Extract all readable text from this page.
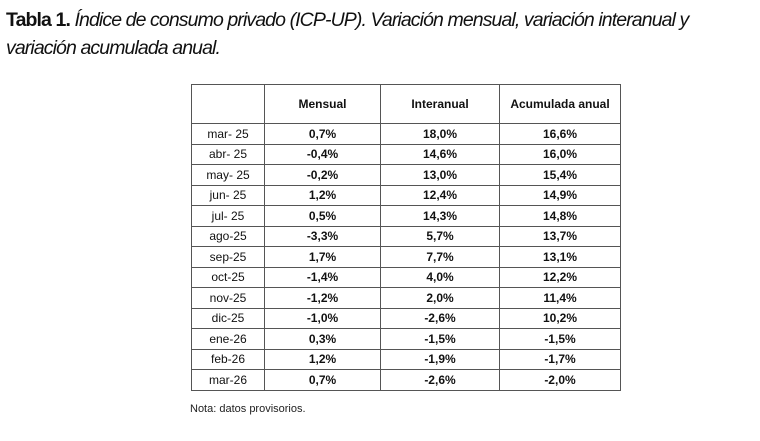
Tabla 1. Índice de consumo privado (ICP-UP). Variación mensual, variación interanual y variación acumulada anual.
	Mensual	Interanual	Acumulada anual
mar- 25	0,7%	18,0%	16,6%
abr- 25	-0,4%	14,6%	16,0%
may- 25	-0,2%	13,0%	15,4%
jun- 25	1,2%	12,4%	14,9%
jul- 25	0,5%	14,3%	14,8%
ago-25	-3,3%	5,7%	13,7%
sep-25	1,7%	7,7%	13,1%
oct-25	-1,4%	4,0%	12,2%
nov-25	-1,2%	2,0%	11,4%
dic-25	-1,0%	-2,6%	10,2%
ene-26	0,3%	-1,5%	-1,5%
feb-26	1,2%	-1,9%	-1,7%
mar-26	0,7%	-2,6%	-2,0%
Nota: datos provisorios.
